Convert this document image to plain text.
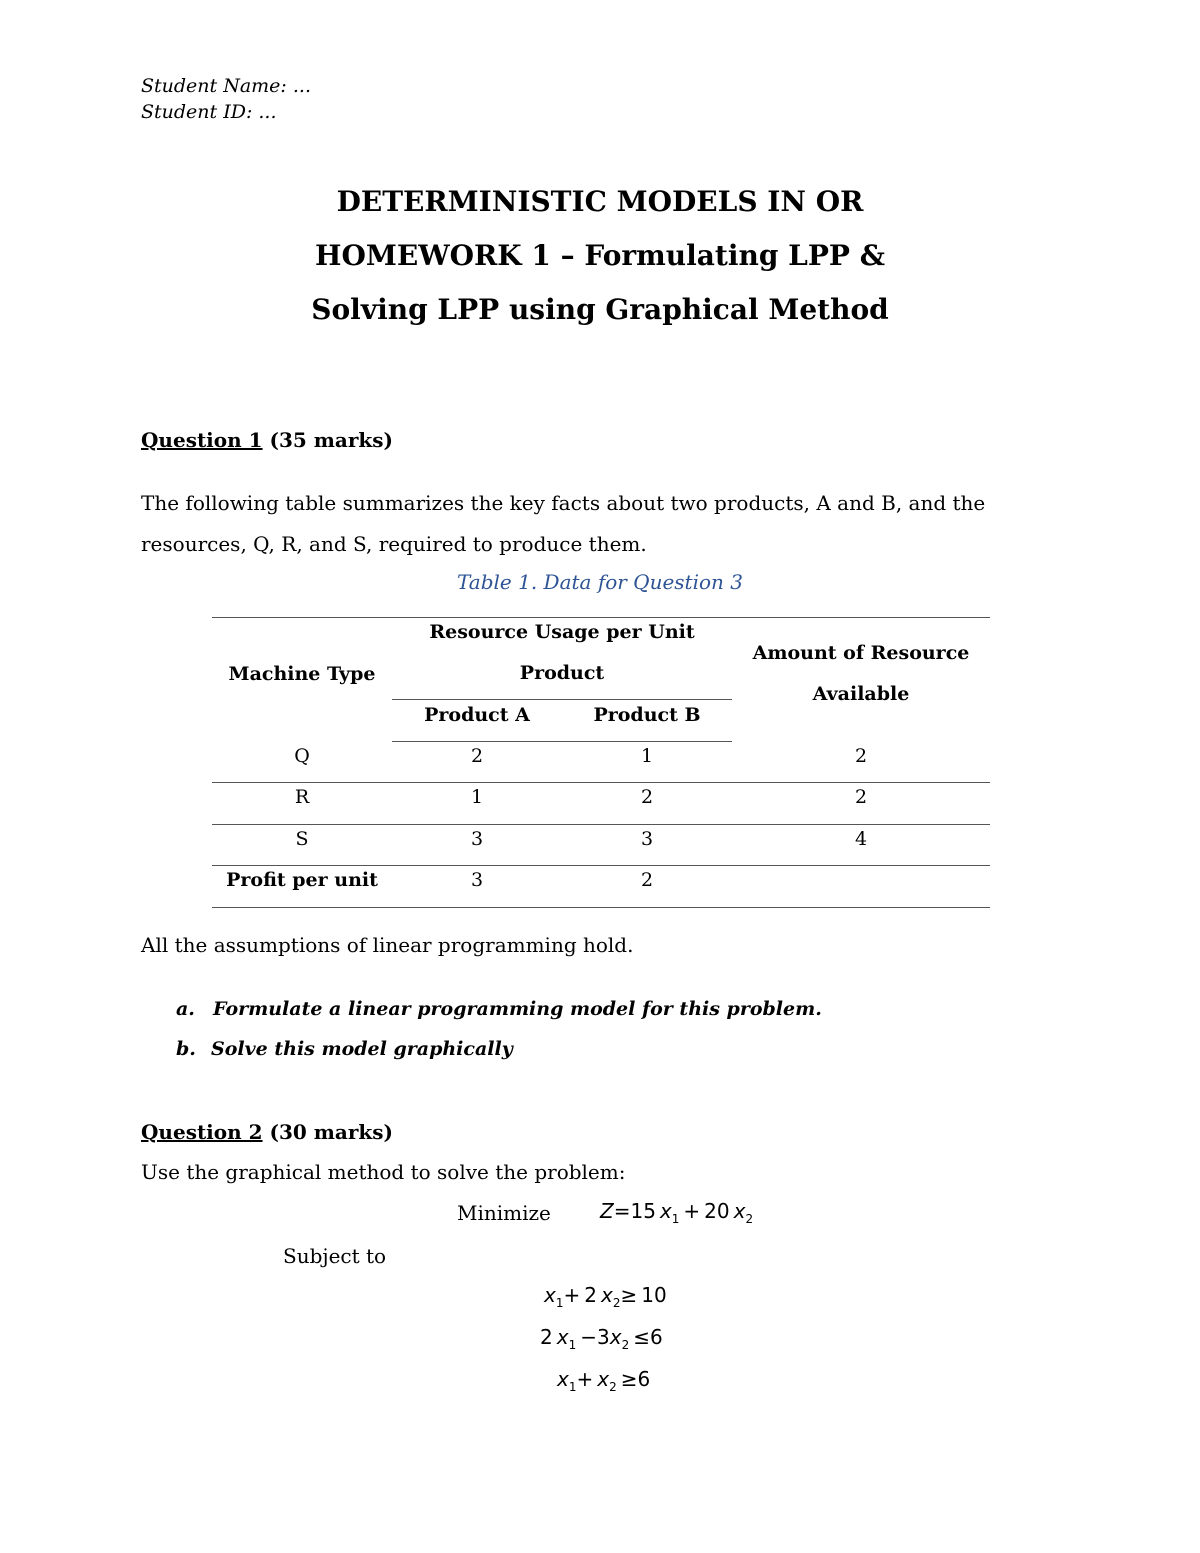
Student Name: ...
Student ID: ...
DETERMINISTIC MODELS IN OR
HOMEWORK 1 – Formulating LPP &
Solving LPP using Graphical Method
Question 1 (35 marks)
The following table summarizes the key facts about two products, A and B, and the resources, Q, R, and S, required to produce them.
Table 1. Data for Question 3
Machine Type
Resource Usage per Unit
Product
Product A	Product B
Amount of Resource
Available
Q	2	1	2
R	1	2	2
S	3	3	4
Profit per unit	3	2
All the assumptions of linear programming hold.
a. Formulate a linear programming model for this problem.
b. Solve this model graphically
Question 2 (30 marks)
Use the graphical method to solve the problem:
Minimize Z=15  $x_1 + 20$  $x_2$
Subject to
$x_1+ 2$  $x_2\ge 10$
2  $x_1 -3x_2 \le 6$
$x_1+ x_2 \ge 6$
